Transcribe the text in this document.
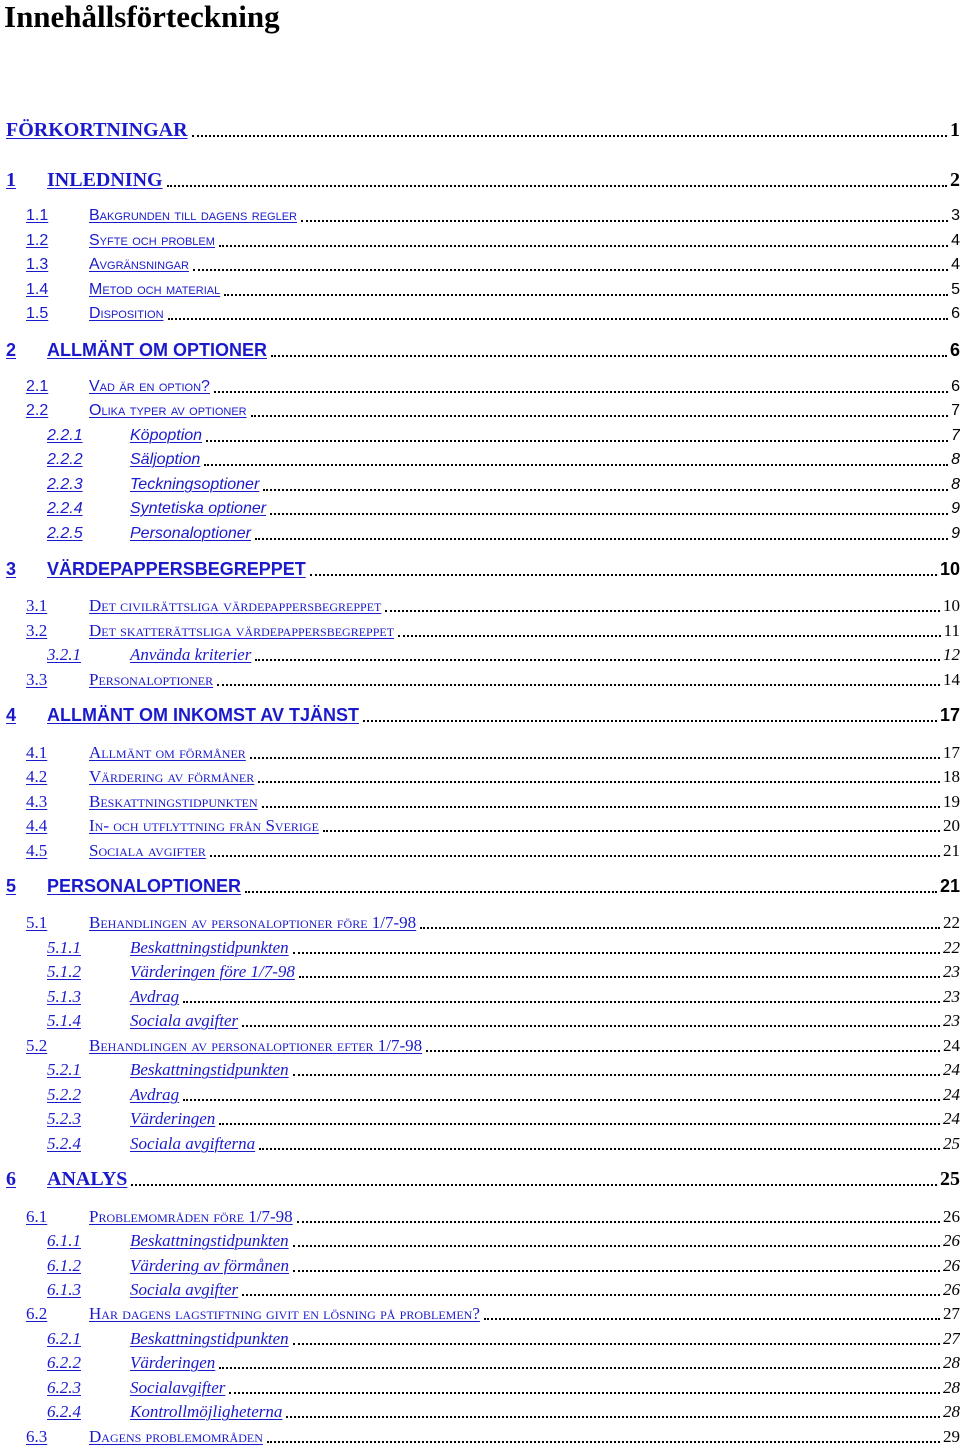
Innehållsförteckning
FÖRKORTNINGAR	1
1 INLEDNING	2
1.1	Bakgrunden till dagens regler	3
1.2	Syfte och problem	4
1.3	Avgränsningar	4
1.4	Metod och material	5
1.5	Disposition	6
2 ALLMÄNT OM OPTIONER	6
2.1	Vad är en option?	6
2.2	Olika typer av optioner	7
2.2.1	Köpoption	7
2.2.2	Säljoption	8
2.2.3	Teckningsoptioner	8
2.2.4	Syntetiska optioner	9
2.2.5	Personaloptioner	9
3 VÄRDEPAPPERSBEGREPPET	10
3.1 Det civilrättsliga värdepappersbegreppet	10
3.2 Det skatterättsliga värdepappersbegreppet	11
3.2.1	Använda kriterier	12
3.3 Personaloptioner	14
4 ALLMÄNT OM INKOMST AV TJÄNST	17
4.1 Allmänt om förmåner	17
4.2 Värdering av förmåner	18
4.3 Beskattningstidpunkten	19
4.4 In- och utflyttning från Sverige	20
4.5 Sociala avgifter	21
5 PERSONALOPTIONER	21
5.1 Behandlingen av personaloptioner före 1/7-98	22
5.1.1	Beskattningstidpunkten	22
5.1.2	Värderingen före 1/7-98	23
5.1.3	Avdrag	23
5.1.4	Sociala avgifter	23
5.2 Behandlingen av personaloptioner efter 1/7-98	24
5.2.1	Beskattningstidpunkten	24
5.2.2	Avdrag	24
5.2.3	Värderingen	24
5.2.4	Sociala avgifterna	25
6 ANALYS	25
6.1 Problemområden före 1/7-98	26
6.1.1	Beskattningstidpunkten	26
6.1.2	Värdering av förmånen	26
6.1.3	Sociala avgifter	26
6.2 Har dagens lagstiftning givit en lösning på problemen?	27
6.2.1	Beskattningstidpunkten	27
6.2.2	Värderingen	28
6.2.3	Socialavgifter	28
6.2.4	Kontrollmöjligheterna	28
6.3 Dagens problemområden	29
